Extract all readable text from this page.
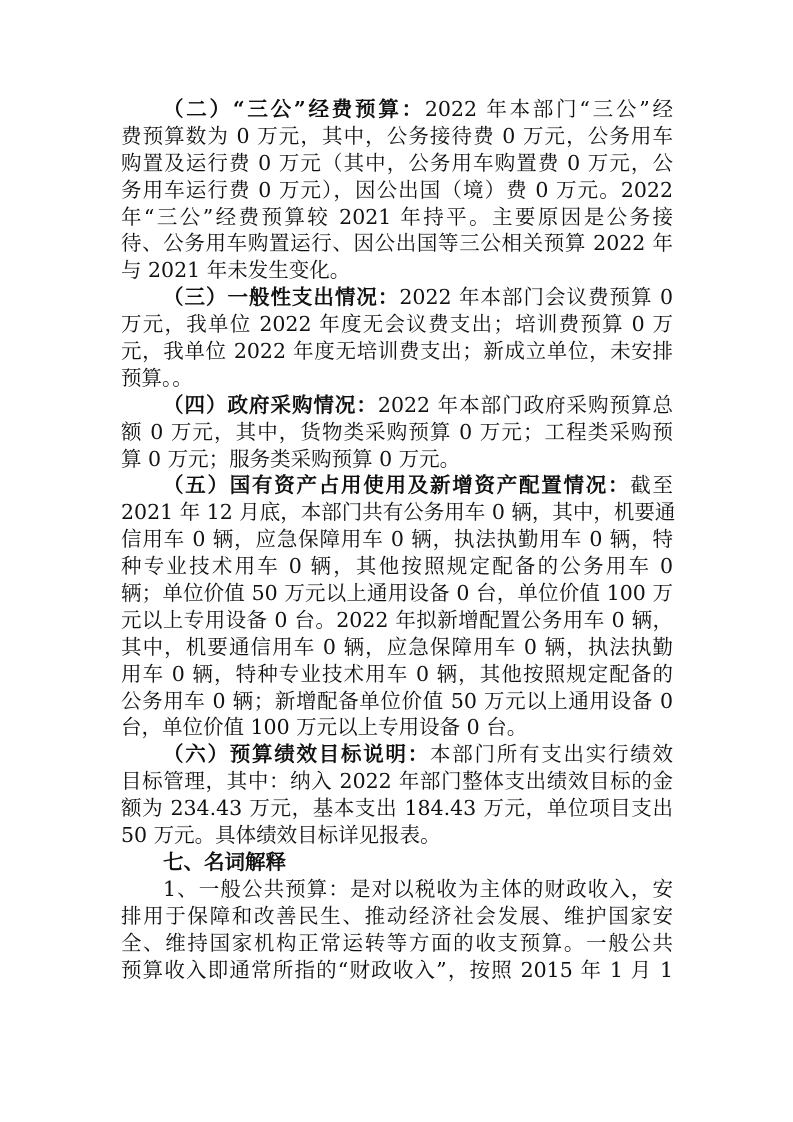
（二）“三公”经费预算：2022 年本部门“三公”经
费预算数为 0 万元，其中，公务接待费 0 万元，公务用车
购置及运行费 0 万元（其中，公务用车购置费 0 万元，公
务用车运行费 0 万元），因公出国（境）费 0 万元。2022
年“三公”经费预算较 2021 年持平。主要原因是公务接
待、公务用车购置运行、因公出国等三公相关预算 2022 年
与 2021 年未发生变化。
（三）一般性支出情况：2022 年本部门会议费预算 0
万元，我单位 2022 年度无会议费支出；培训费预算 0 万
元，我单位 2022 年度无培训费支出；新成立单位，未安排
预算。。
（四）政府采购情况：2022 年本部门政府采购预算总
额 0 万元，其中，货物类采购预算 0 万元；工程类采购预
算 0 万元；服务类采购预算 0 万元。
（五）国有资产占用使用及新增资产配置情况：截至
2021 年 12 月底，本部门共有公务用车 0 辆，其中，机要通
信用车 0 辆，应急保障用车 0 辆，执法执勤用车 0 辆，特
种专业技术用车 0 辆，其他按照规定配备的公务用车 0
辆；单位价值 50 万元以上通用设备 0 台，单位价值 100 万
元以上专用设备 0 台。2022 年拟新增配置公务用车 0 辆，
其中，机要通信用车 0 辆，应急保障用车 0 辆，执法执勤
用车 0 辆，特种专业技术用车 0 辆，其他按照规定配备的
公务用车 0 辆；新增配备单位价值 50 万元以上通用设备 0
台，单位价值 100 万元以上专用设备 0 台。
（六）预算绩效目标说明：本部门所有支出实行绩效
目标管理，其中：纳入 2022 年部门整体支出绩效目标的金
额为 234.43 万元，基本支出 184.43 万元，单位项目支出
50 万元。具体绩效目标详见报表。
七、名词解释
1、一般公共预算：是对以税收为主体的财政收入，安
排用于保障和改善民生、推动经济社会发展、维护国家安
全、维持国家机构正常运转等方面的收支预算。一般公共
预算收入即通常所指的“财政收入”，按照 2015 年 1 月 1
